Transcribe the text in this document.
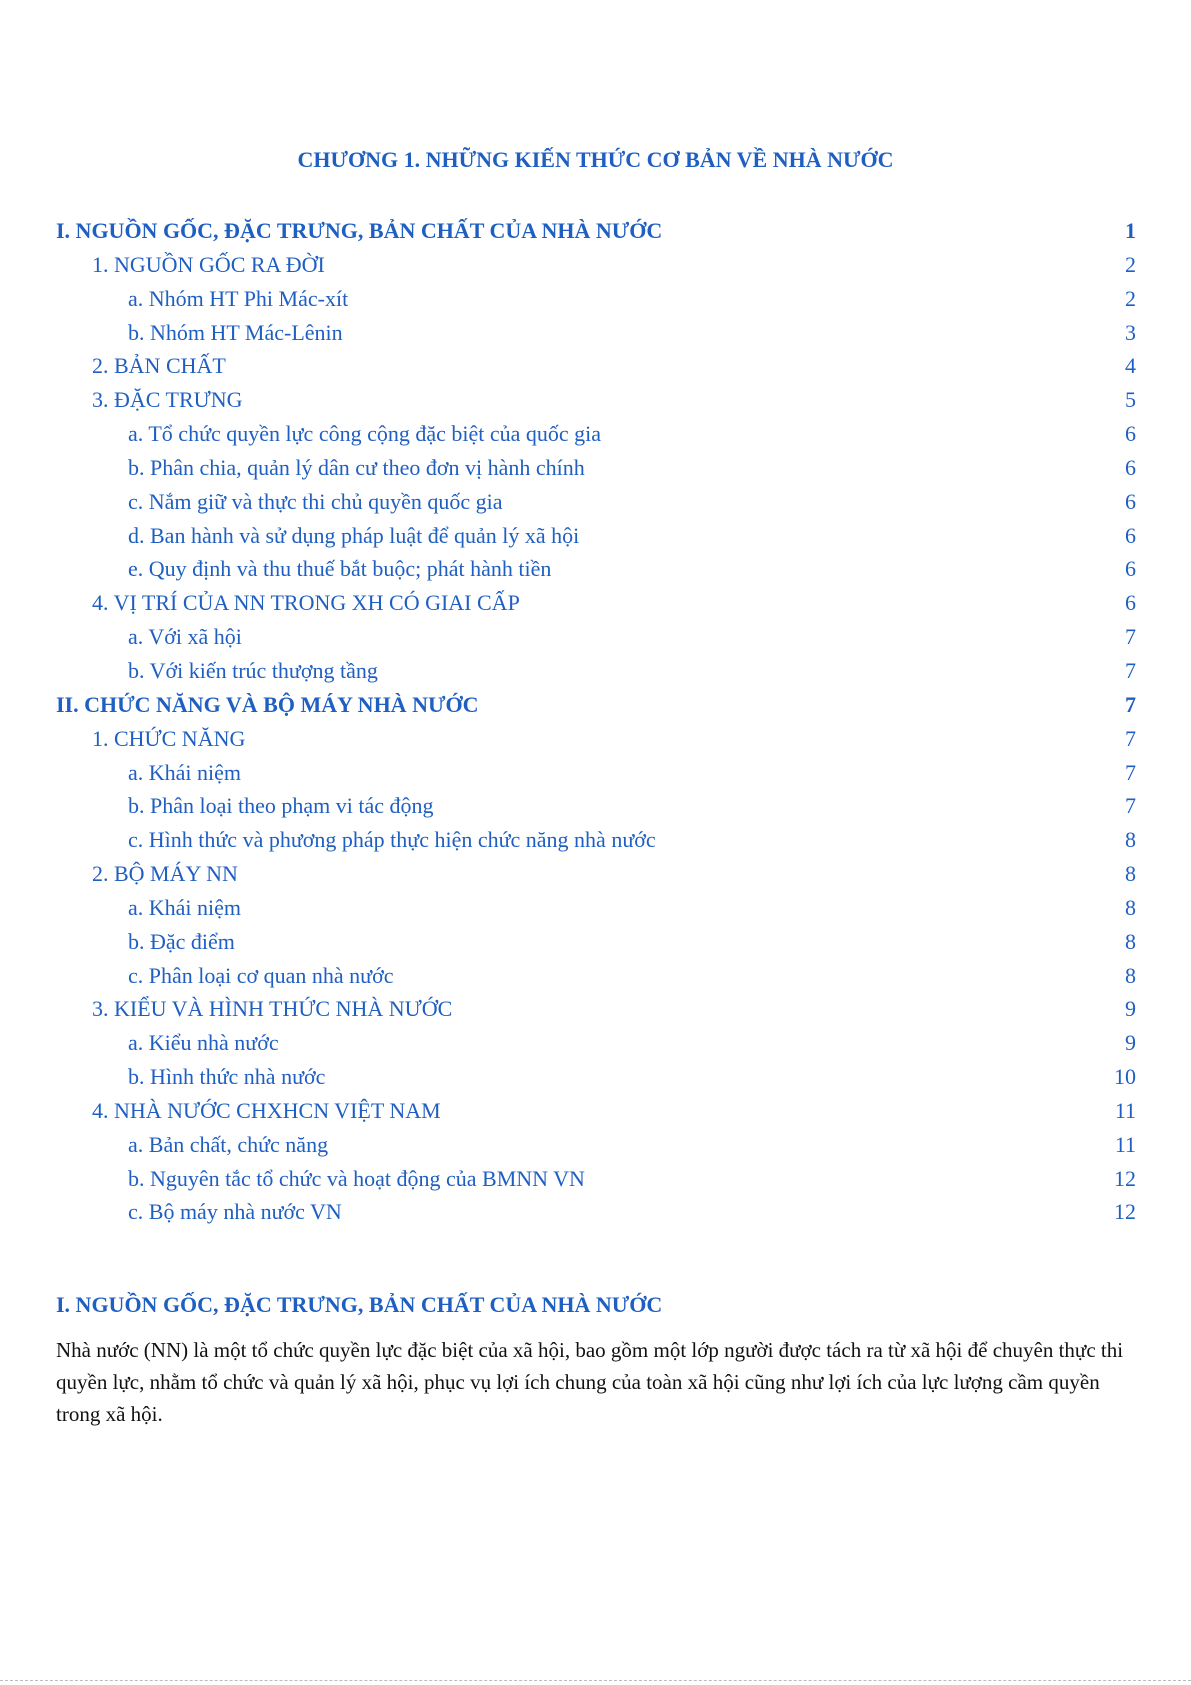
CHƯƠNG 1. NHỮNG KIẾN THỨC CƠ BẢN VỀ NHÀ NƯỚC
I. NGUỒN GỐC, ĐẶC TRƯNG, BẢN CHẤT CỦA NHÀ NƯỚC	1
1. NGUỒN GỐC RA ĐỜI	2
a. Nhóm HT Phi Mác-xít	2
b. Nhóm HT Mác-Lênin	3
2. BẢN CHẤT	4
3. ĐẶC TRƯNG	5
a. Tổ chức quyền lực công cộng đặc biệt của quốc gia	6
b. Phân chia, quản lý dân cư theo đơn vị hành chính	6
c. Nắm giữ và thực thi chủ quyền quốc gia	6
d. Ban hành và sử dụng pháp luật để quản lý xã hội	6
e. Quy định và thu thuế bắt buộc; phát hành tiền	6
4. VỊ TRÍ CỦA NN TRONG XH CÓ GIAI CẤP	6
a. Với xã hội	7
b. Với kiến trúc thượng tầng	7
II. CHỨC NĂNG VÀ BỘ MÁY NHÀ NƯỚC	7
1. CHỨC NĂNG	7
a. Khái niệm	7
b. Phân loại theo phạm vi tác động	7
c. Hình thức và phương pháp thực hiện chức năng nhà nước	8
2. BỘ MÁY NN	8
a. Khái niệm	8
b. Đặc điểm	8
c. Phân loại cơ quan nhà nước	8
3. KIỂU VÀ HÌNH THỨC NHÀ NƯỚC	9
a. Kiểu nhà nước	9
b. Hình thức nhà nước	10
4. NHÀ NƯỚC CHXHCN VIỆT NAM	11
a. Bản chất, chức năng	11
b. Nguyên tắc tổ chức và hoạt động của BMNN VN	12
c. Bộ máy nhà nước VN	12
I. NGUỒN GỐC, ĐẶC TRƯNG, BẢN CHẤT CỦA NHÀ NƯỚC

Nhà nước (NN) là một tổ chức quyền lực đặc biệt của xã hội, bao gồm một lớp người được tách ra từ xã hội để chuyên thực thi quyền lực, nhằm tổ chức và quản lý xã hội, phục vụ lợi ích chung của toàn xã hội cũng như lợi ích của lực lượng cầm quyền trong xã hội.
